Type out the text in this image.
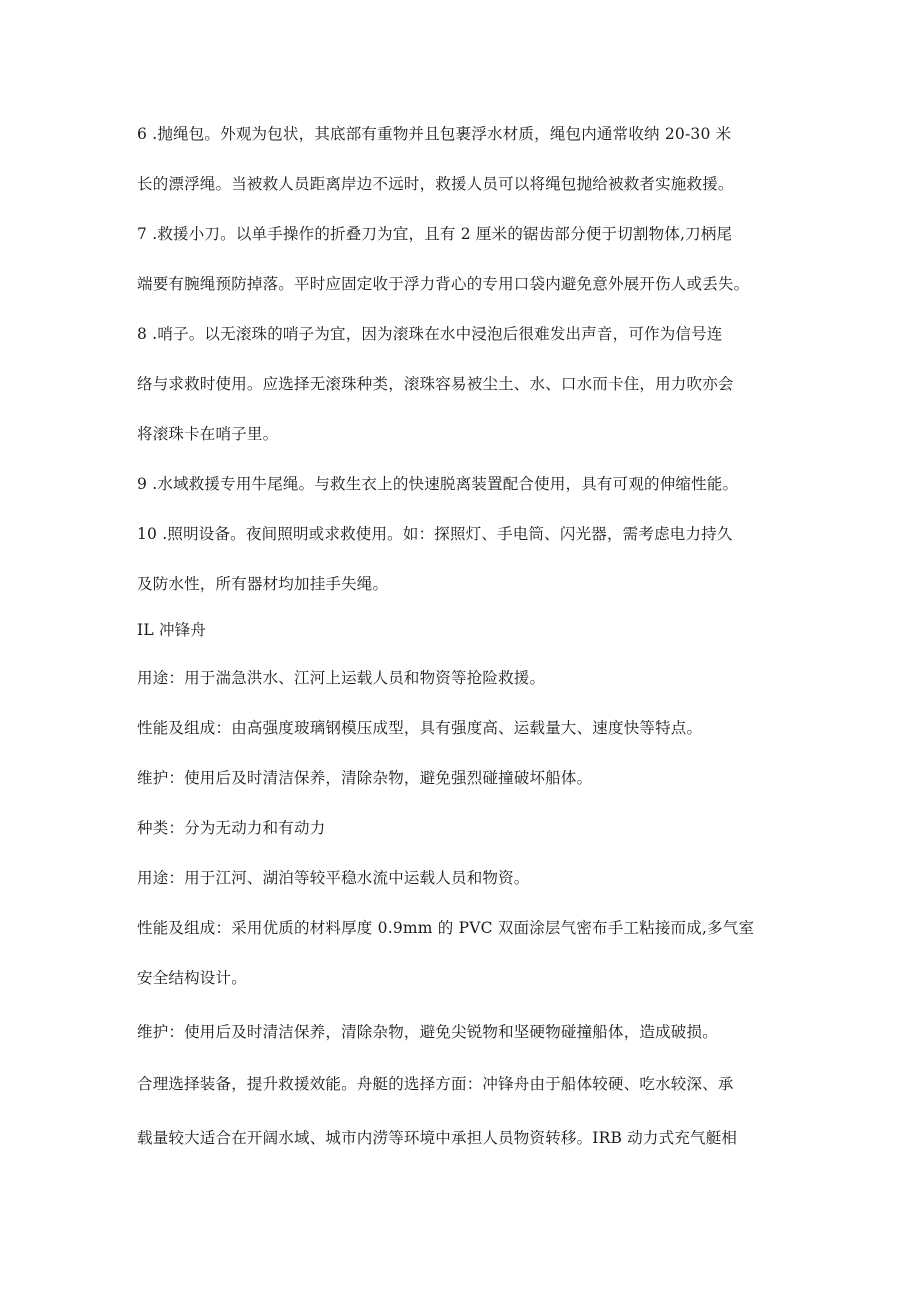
6 .抛绳包。外观为包状，其底部有重物并且包裹浮水材质，绳包内通常收纳 20-30 米
长的漂浮绳。当被救人员距离岸边不远时，救援人员可以将绳包抛给被救者实施救援。
7 .救援小刀。以单手操作的折叠刀为宜，且有 2 厘米的锯齿部分便于切割物体,刀柄尾
端要有腕绳预防掉落。平时应固定收于浮力背心的专用口袋内避免意外展开伤人或丢失。
8 .哨子。以无滚珠的哨子为宜，因为滚珠在水中浸泡后很难发出声音，可作为信号连
络与求救时使用。应选择无滚珠种类，滚珠容易被尘土、水、口水而卡住，用力吹亦会
将滚珠卡在哨子里。
9 .水域救援专用牛尾绳。与救生衣上的快速脱离装置配合使用，具有可观的伸缩性能。
10 .照明设备。夜间照明或求救使用。如：探照灯、手电筒、闪光器，需考虑电力持久
及防水性，所有器材均加挂手失绳。
IL 冲锋舟
用途：用于湍急洪水、江河上运载人员和物资等抢险救援。
性能及组成：由高强度玻璃钢模压成型，具有强度高、运载量大、速度快等特点。
维护：使用后及时清洁保养，清除杂物，避免强烈碰撞破坏船体。
种类：分为无动力和有动力
用途：用于江河、湖泊等较平稳水流中运载人员和物资。
性能及组成：采用优质的材料厚度 0.9mm 的 PVC 双面涂层气密布手工粘接而成,多气室
安全结构设计。
维护：使用后及时清洁保养，清除杂物，避免尖锐物和坚硬物碰撞船体，造成破损。
合理选择装备，提升救援效能。舟艇的选择方面：冲锋舟由于船体较硬、吃水较深、承
载量较大适合在开阔水域、城市内涝等环境中承担人员物资转移。IRB 动力式充气艇相
